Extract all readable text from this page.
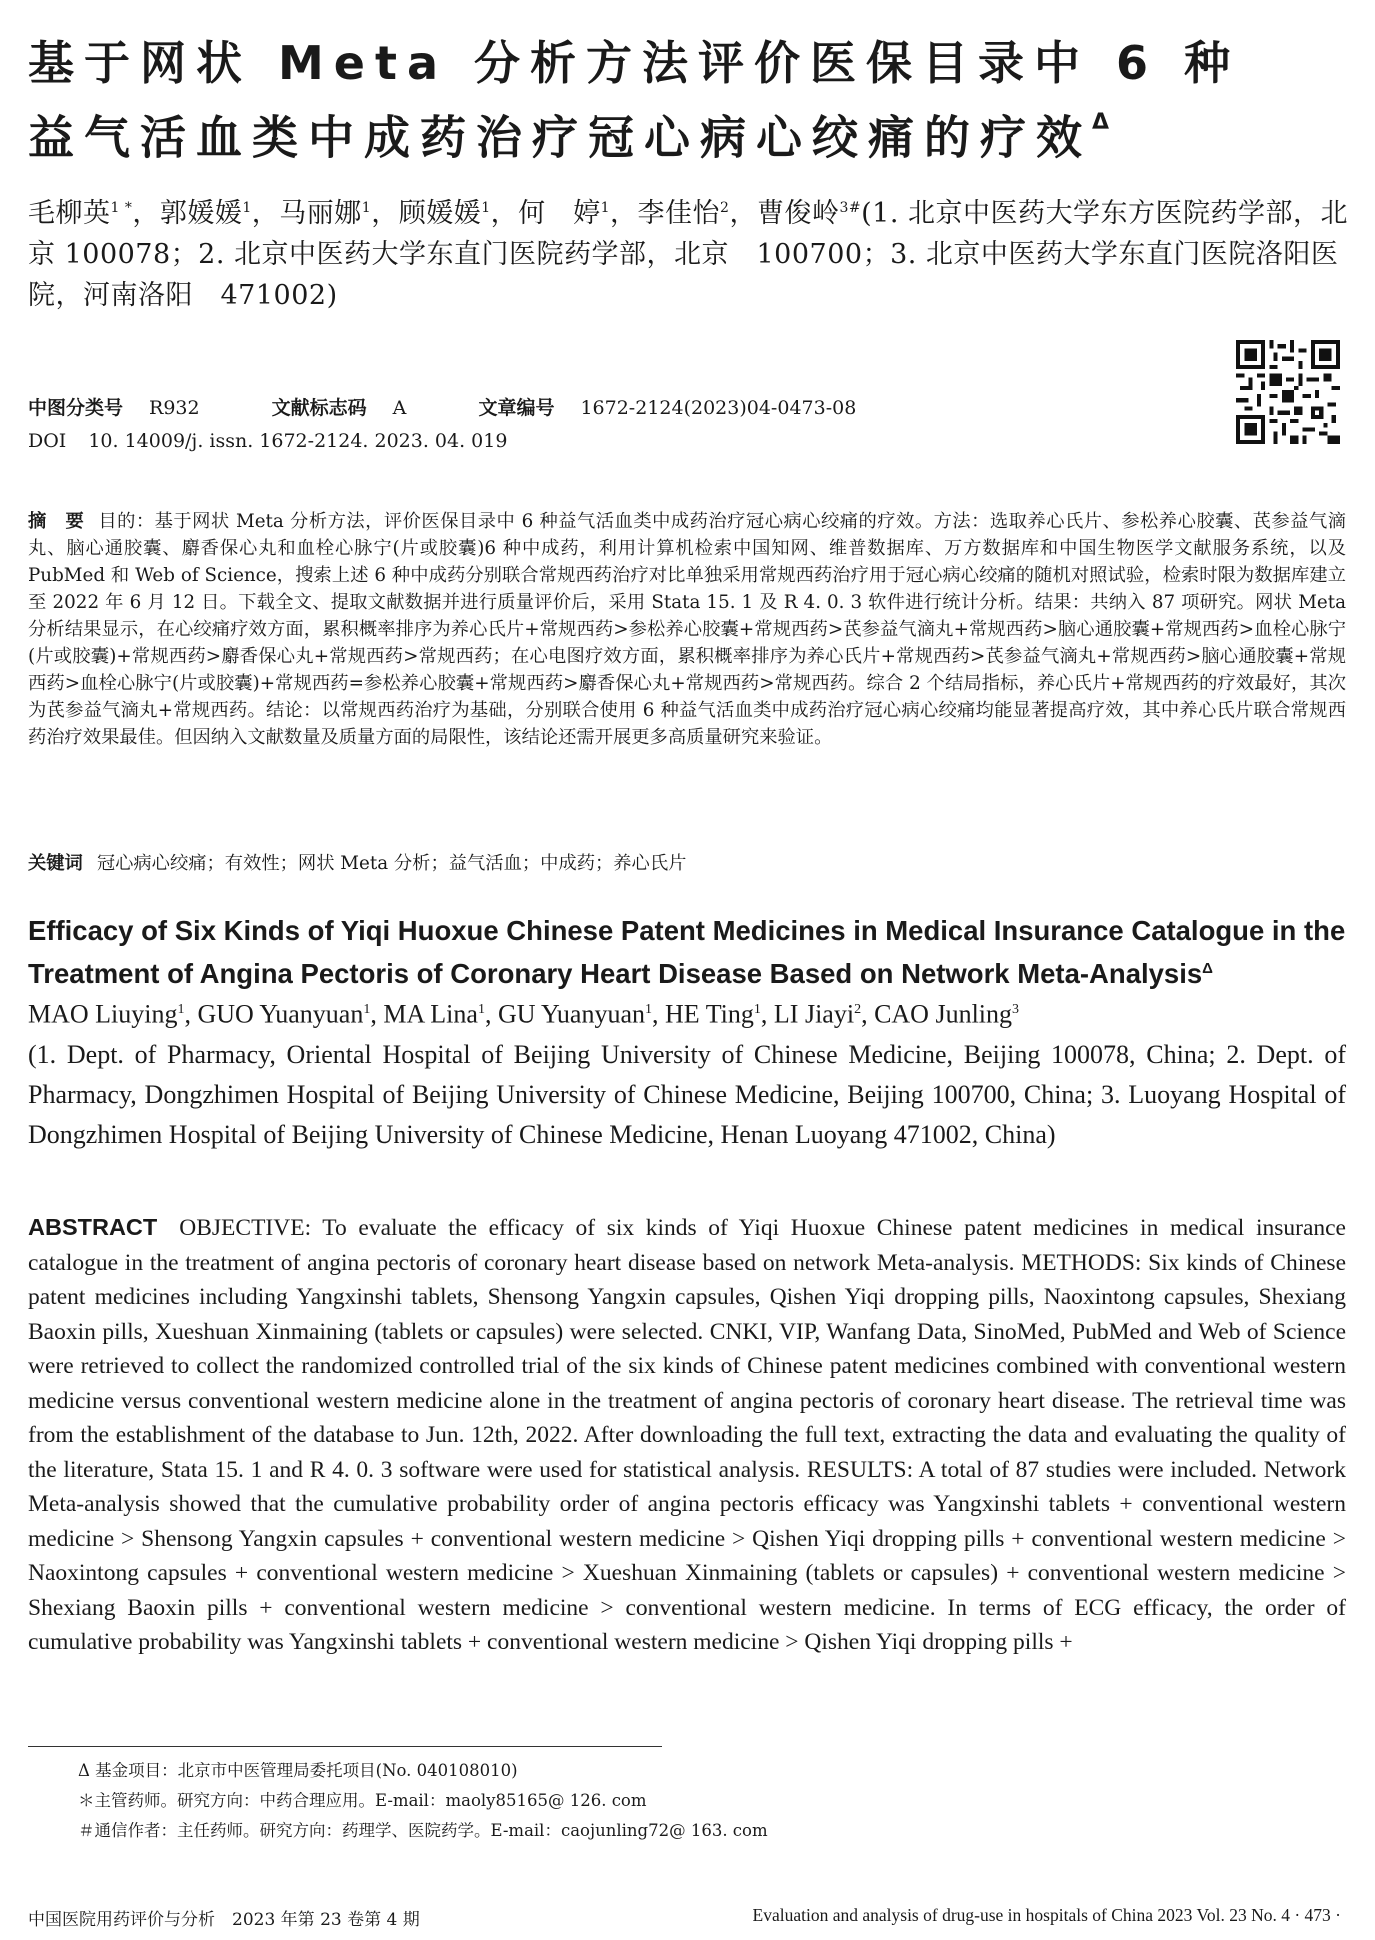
基于网状 Meta 分析方法评价医保目录中 6 种
益气活血类中成药治疗冠心病心绞痛的疗效$^\Delta$
毛柳英$^{1 *}$，郭媛媛$^1$，马丽娜$^1$，顾媛媛$^1$，何　婷$^1$，李佳怡$^2$，曹俊岭$^{3\#}$(1. 北京中医药大学东方医院药学部，北京 100078；2. 北京中医药大学东直门医院药学部，北京　100700；3. 北京中医药大学东直门医院洛阳医院，河南洛阳　471002)
中图分类号 R932	文献标志码 A	文章编号 1672-2124(2023)04-0473-08
DOI 10. 14009/j. issn. 1672-2124. 2023. 04. 019
摘　要 目的：基于网状 Meta 分析方法，评价医保目录中 6 种益气活血类中成药治疗冠心病心绞痛的疗效。方法：选取养心氏片、参松养心胶囊、芪参益气滴丸、脑心通胶囊、麝香保心丸和血栓心脉宁(片或胶囊)6 种中成药，利用计算机检索中国知网、维普数据库、万方数据库和中国生物医学文献服务系统，以及 PubMed 和 Web of Science，搜索上述 6 种中成药分别联合常规西药治疗对比单独采用常规西药治疗用于冠心病心绞痛的随机对照试验，检索时限为数据库建立至 2022 年 6 月 12 日。下载全文、提取文献数据并进行质量评价后，采用 Stata 15. 1 及 R 4. 0. 3 软件进行统计分析。结果：共纳入 87 项研究。网状 Meta 分析结果显示，在心绞痛疗效方面，累积概率排序为养心氏片+常规西药>参松养心胶囊+常规西药>芪参益气滴丸+常规西药>脑心通胶囊+常规西药>血栓心脉宁(片或胶囊)+常规西药>麝香保心丸+常规西药>常规西药；在心电图疗效方面，累积概率排序为养心氏片+常规西药>芪参益气滴丸+常规西药>脑心通胶囊+常规西药>血栓心脉宁(片或胶囊)+常规西药=参松养心胶囊+常规西药>麝香保心丸+常规西药>常规西药。综合 2 个结局指标，养心氏片+常规西药的疗效最好，其次为芪参益气滴丸+常规西药。结论：以常规西药治疗为基础，分别联合使用 6 种益气活血类中成药治疗冠心病心绞痛均能显著提高疗效，其中养心氏片联合常规西药治疗效果最佳。但因纳入文献数量及质量方面的局限性，该结论还需开展更多高质量研究来验证。
关键词 冠心病心绞痛；有效性；网状 Meta 分析；益气活血；中成药；养心氏片
Efficacy of Six Kinds of Yiqi Huoxue Chinese Patent Medicines in Medical Insurance Catalogue in the Treatment of Angina Pectoris of Coronary Heart Disease Based on Network Meta-Analysis$^\Delta$
MAO Liuying$^1$, GUO Yuanyuan$^1$, MA Lina$^1$, GU Yuanyuan$^1$, HE Ting$^1$, LI Jiayi$^2$, CAO Junling$^3$
(1. Dept. of Pharmacy, Oriental Hospital of Beijing University of Chinese Medicine, Beijing 100078, China; 2. Dept. of Pharmacy, Dongzhimen Hospital of Beijing University of Chinese Medicine, Beijing 100700, China; 3. Luoyang Hospital of Dongzhimen Hospital of Beijing University of Chinese Medicine, Henan Luoyang 471002, China)
ABSTRACT OBJECTIVE: To evaluate the efficacy of six kinds of Yiqi Huoxue Chinese patent medicines in medical insurance catalogue in the treatment of angina pectoris of coronary heart disease based on network Meta-analysis. METHODS: Six kinds of Chinese patent medicines including Yangxinshi tablets, Shensong Yangxin capsules, Qishen Yiqi dropping pills, Naoxintong capsules, Shexiang Baoxin pills, Xueshuan Xinmaining (tablets or capsules) were selected. CNKI, VIP, Wanfang Data, SinoMed, PubMed and Web of Science were retrieved to collect the randomized controlled trial of the six kinds of Chinese patent medicines combined with conventional western medicine versus conventional western medicine alone in the treatment of angina pectoris of coronary heart disease. The retrieval time was from the establishment of the database to Jun. 12th, 2022. After downloading the full text, extracting the data and evaluating the quality of the literature, Stata 15. 1 and R 4. 0. 3 software were used for statistical analysis. RESULTS: A total of 87 studies were included. Network Meta-analysis showed that the cumulative probability order of angina pectoris efficacy was Yangxinshi tablets + conventional western medicine > Shensong Yangxin capsules + conventional western medicine > Qishen Yiqi dropping pills + conventional western medicine > Naoxintong capsules + conventional western medicine > Xueshuan Xinmaining (tablets or capsules) + conventional western medicine > Shexiang Baoxin pills + conventional western medicine > conventional western medicine. In terms of ECG efficacy, the order of cumulative probability was Yangxinshi tablets + conventional western medicine > Qishen Yiqi dropping pills +
Δ 基金项目：北京市中医管理局委托项目(No. 040108010)
＊主管药师。研究方向：中药合理应用。E-mail：maoly85165@ 126. com
＃通信作者：主任药师。研究方向：药理学、医院药学。E-mail：caojunling72@ 163. com
中国医院用药评价与分析　2023 年第 23 卷第 4 期	Evaluation and analysis of drug-use in hospitals of China 2023 Vol. 23 No. 4 · 473 ·
